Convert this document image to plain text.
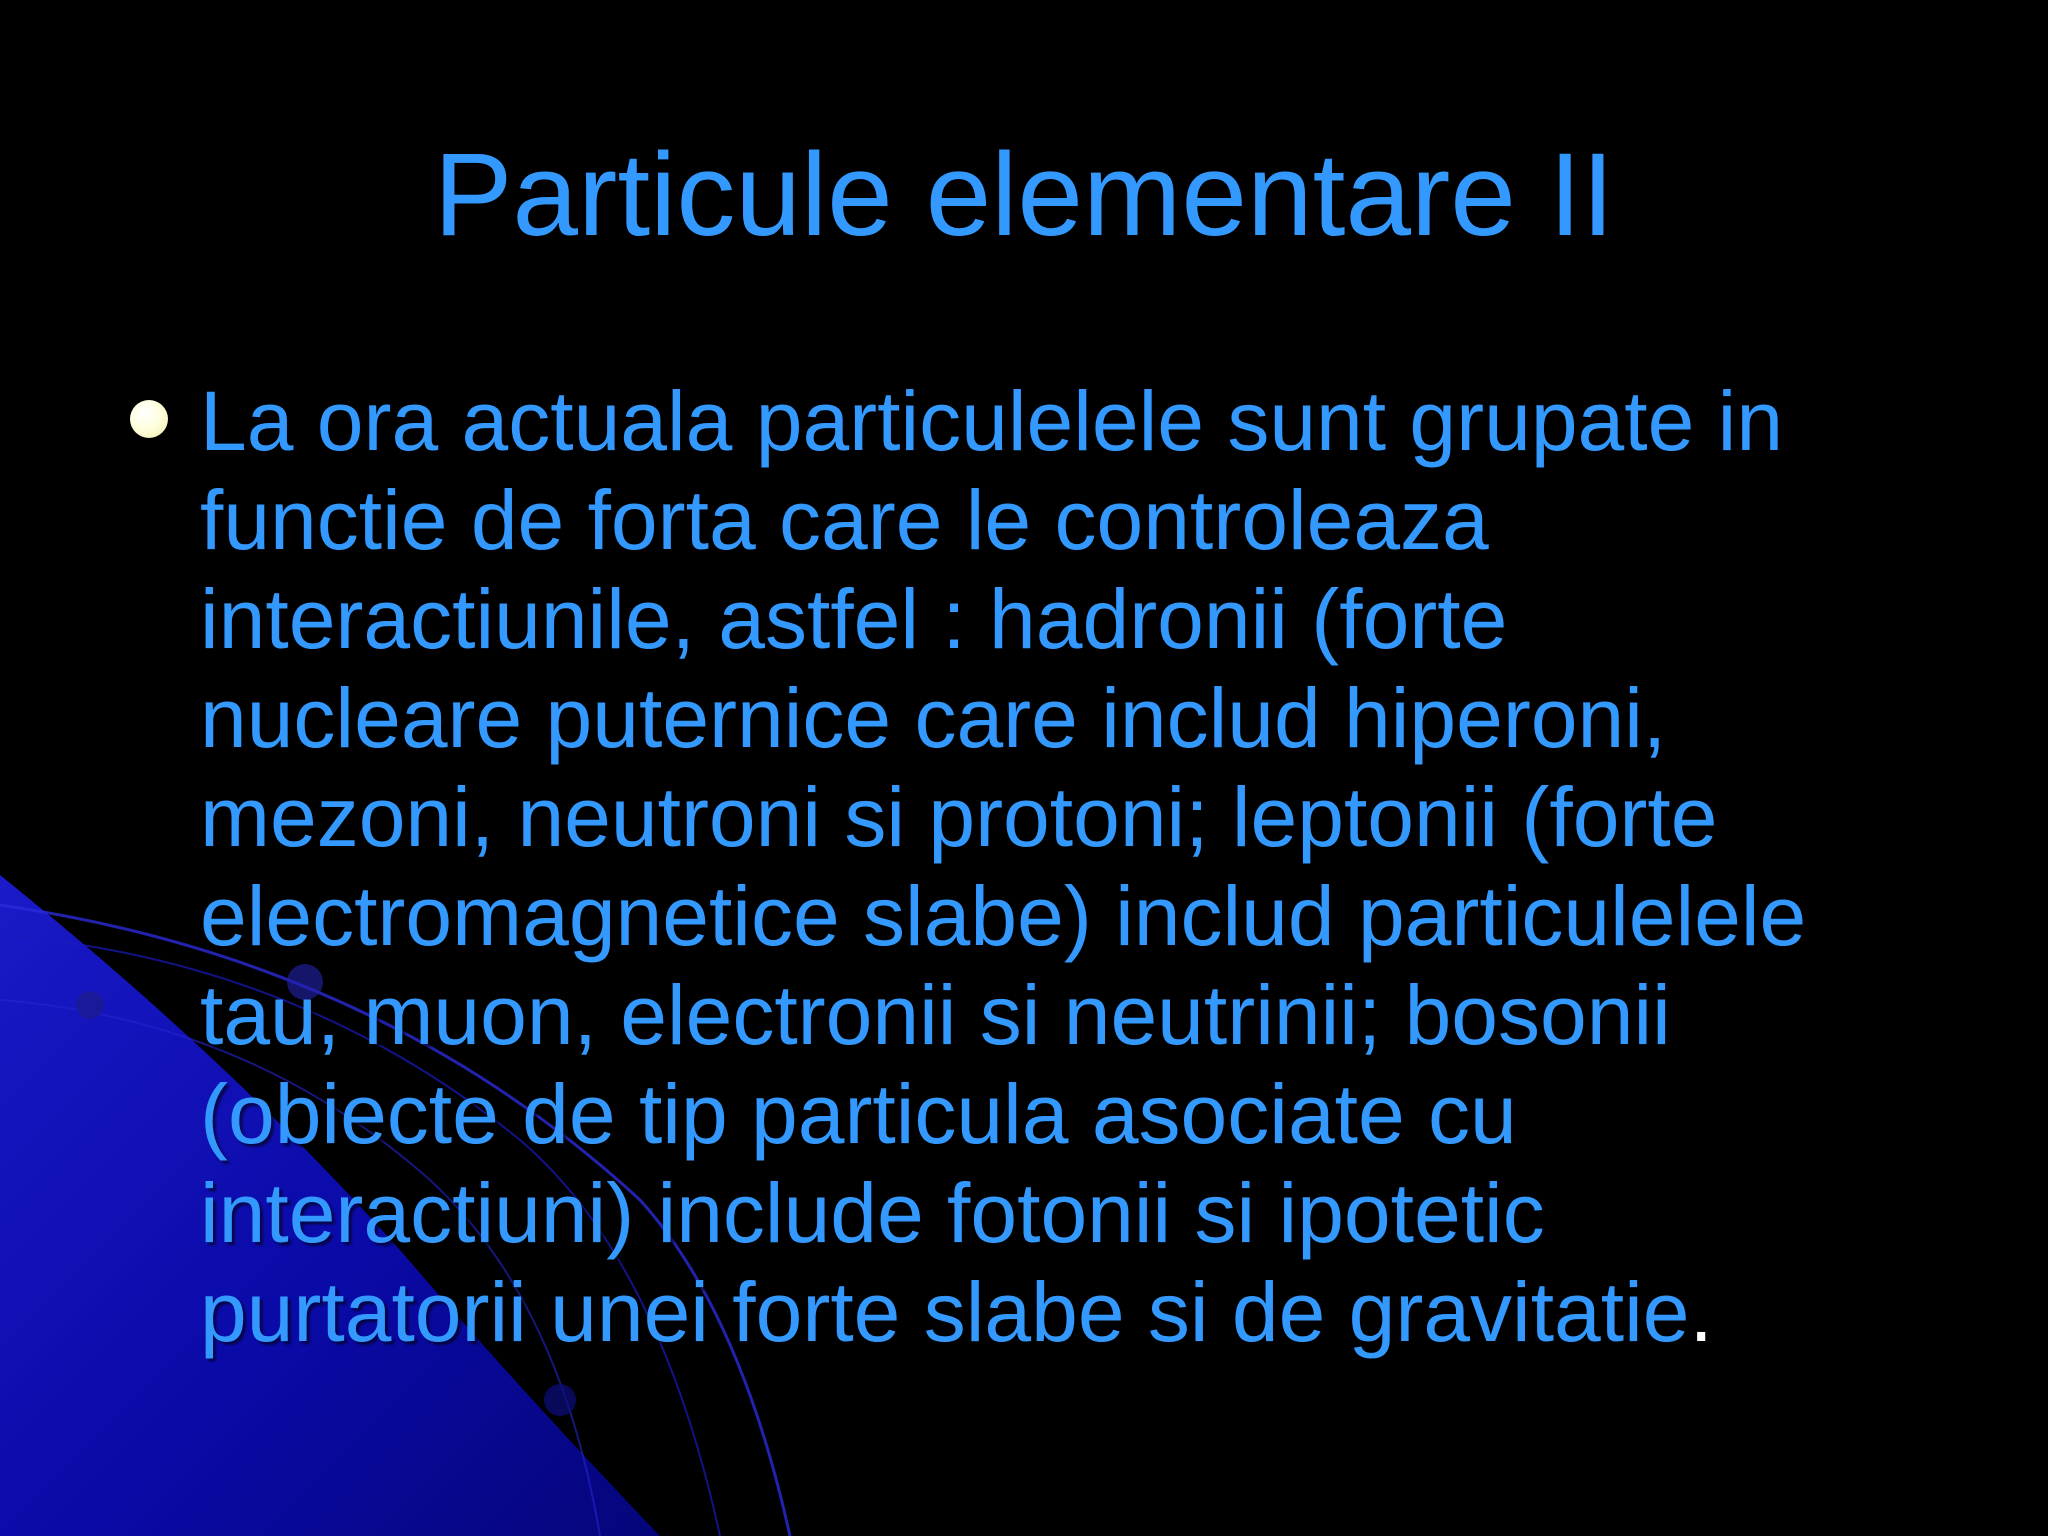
Particule elementare II
La ora actuala particulelele sunt grupate in
functie de forta care le controleaza
interactiunile, astfel : hadronii (forte
nucleare puternice care includ hiperoni,
mezoni, neutroni si protoni; leptonii (forte
electromagnetice slabe) includ particulelele
tau, muon, electronii si neutrinii; bosonii
(obiecte de tip particula asociate cu
interactiuni) include fotonii si ipotetic
purtatorii unei forte slabe si de gravitatie.
